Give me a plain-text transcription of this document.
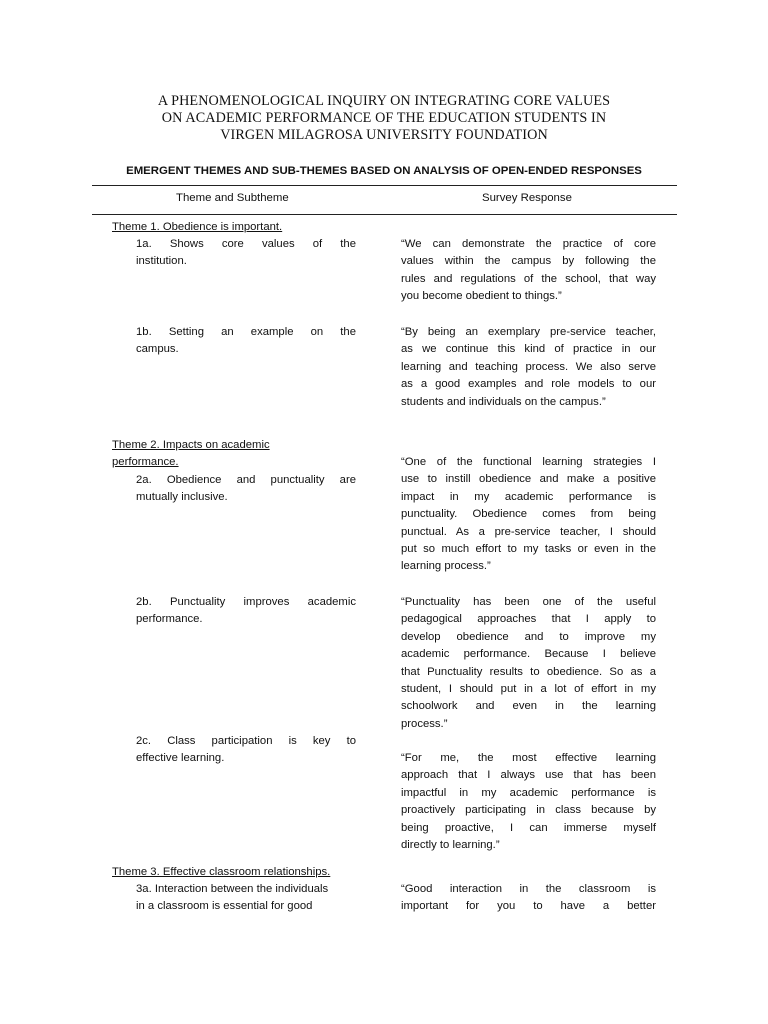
A PHENOMENOLOGICAL INQUIRY ON INTEGRATING CORE VALUES
ON ACADEMIC PERFORMANCE OF THE EDUCATION STUDENTS IN
VIRGEN MILAGROSA UNIVERSITY FOUNDATION
EMERGENT THEMES AND SUB-THEMES BASED ON ANALYSIS OF OPEN-ENDED RESPONSES
Theme and Subtheme	Survey Response
Theme 1. Obedience is important.
1a. Shows core values of the
institution.
“We can demonstrate the practice of core
values within the campus by following the
rules and regulations of the school, that way
you become obedient to things.”
1b. Setting an example on the
campus.
“By being an exemplary pre-service teacher,
as we continue this kind of practice in our
learning and teaching process. We also serve
as a good examples and role models to our
students and individuals on the campus.”
Theme 2. Impacts on academic
performance.
2a. Obedience and punctuality are
mutually inclusive.
“One of the functional learning strategies I
use to instill obedience and make a positive
impact in my academic performance is
punctuality. Obedience comes from being
punctual. As a pre-service teacher, I should
put so much effort to my tasks or even in the
learning process.”
2b. Punctuality improves academic
performance.
“Punctuality has been one of the useful
pedagogical approaches that I apply to
develop obedience and to improve my
academic performance. Because I believe
that Punctuality results to obedience. So as a
student, I should put in a lot of effort in my
schoolwork and even in the learning
process.”
2c. Class participation is key to
effective learning.	“For me, the most effective learning
approach that I always use that has been
impactful in my academic performance is
proactively participating in class because by
being proactive, I can immerse myself
directly to learning.”
Theme 3. Effective classroom relationships.
3a. Interaction between the individuals
in a classroom is essential for good
“Good interaction in the classroom is
important for you to have a better
